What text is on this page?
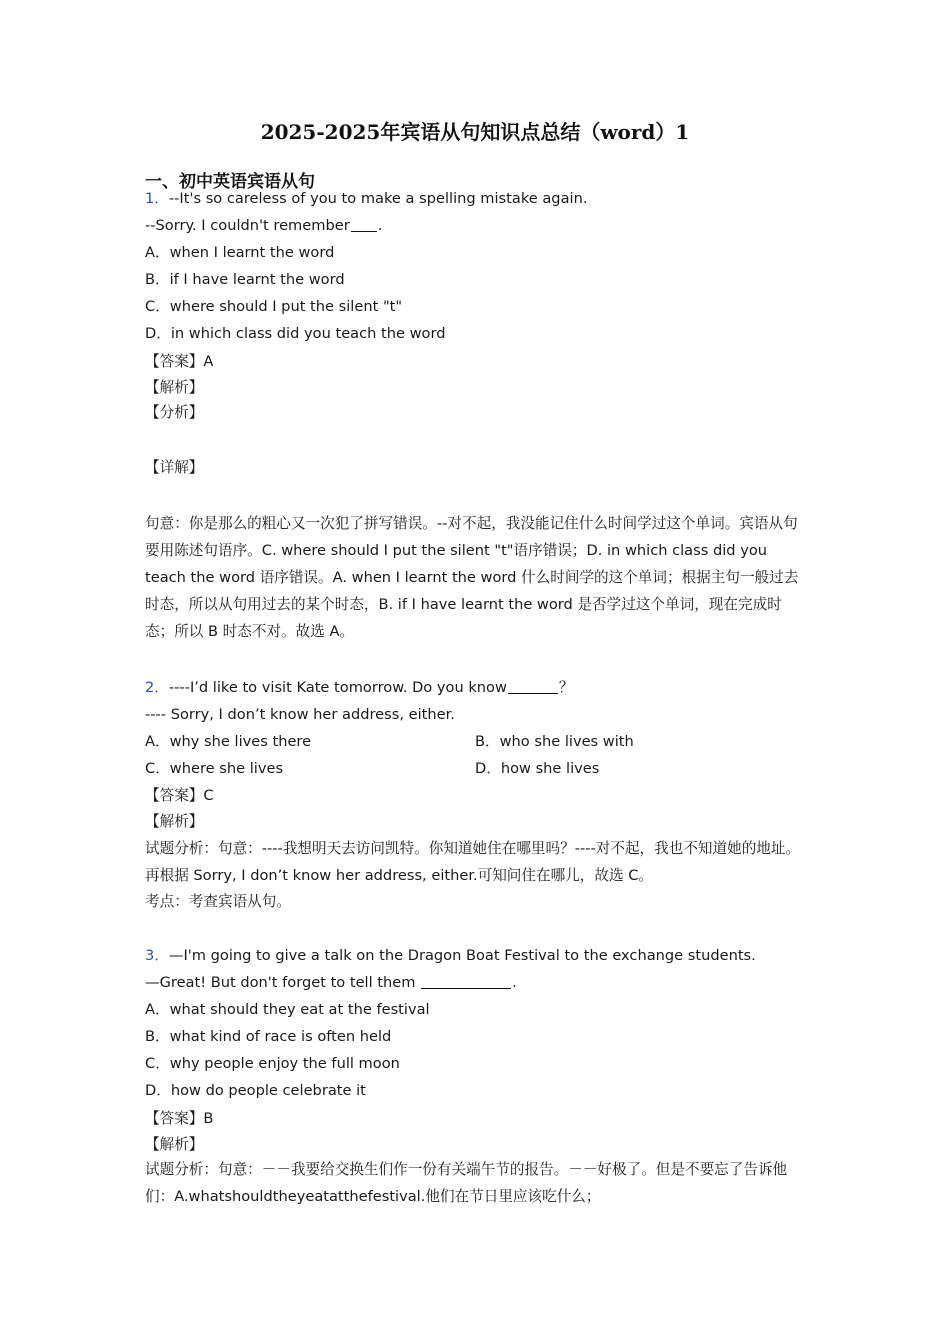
2025-2025年宾语从句知识点总结（word）1
一、初中英语宾语从句
1．--It's so careless of you to make a spelling mistake again.
--Sorry. I couldn't remember .
A．when I learnt the word
B．if I have learnt the word
C．where should I put the silent "t"
D．in which class did you teach the word
【答案】A
【解析】
【分析】
【详解】
句意：你是那么的粗心又一次犯了拼写错误。--对不起，我没能记住什么时间学过这个单词。宾语从句要用陈述句语序。C. where should I put the silent "t"语序错误；D. in which class did you teach the word 语序错误。A. when I learnt the word 什么时间学的这个单词；根据主句一般过去时态，所以从句用过去的某个时态，B. if I have learnt the word 是否学过这个单词，现在完成时态；所以 B 时态不对。故选 A。
2．----I’d like to visit Kate tomorrow. Do you know	？
---- Sorry, I don’t know her address, either.
A．why she lives there	B．who she lives with
C．where she lives	D．how she lives
【答案】C
【解析】
试题分析：句意：----我想明天去访问凯特。你知道她住在哪里吗？----对不起，我也不知道她的地址。再根据 Sorry, I don’t know her address, either.可知问住在哪儿，故选 C。
考点：考查宾语从句。
3．—I'm going to give a talk on the Dragon Boat Festival to the exchange students.
—Great! But don't forget to tell them	.
A．what should they eat at the festival
B．what kind of race is often held
C．why people enjoy the full moon
D．how do people celebrate it
【答案】B
【解析】
试题分析：句意：－－我要给交换生们作一份有关端午节的报告。－－好极了。但是不要忘了告诉他们：A.whatshouldtheyeatatthefestival.他们在节日里应该吃什么；
